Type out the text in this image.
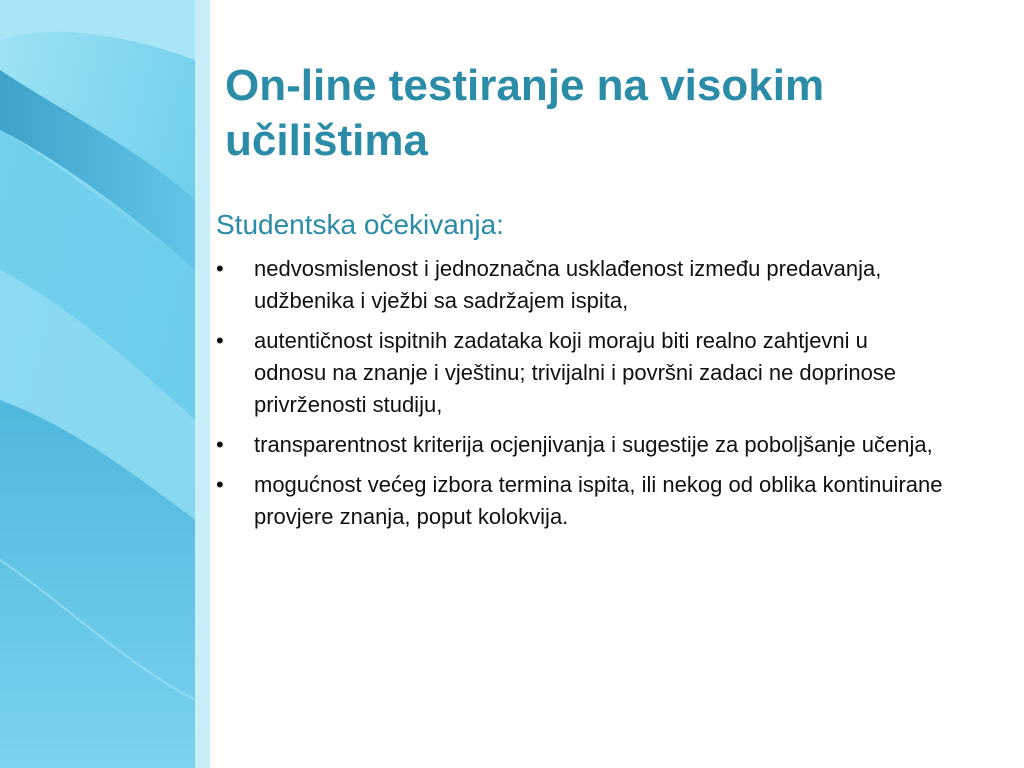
On-line testiranje na visokim
učilištima

Studentska očekivanja:

• nedvosmislenost i jednoznačna usklađenost između predavanja, udžbenika i vježbi sa sadržajem ispita,
• autentičnost ispitnih zadataka koji moraju biti realno zahtjevni u odnosu na znanje i vještinu; trivijalni i površni zadaci ne doprinose privrženosti studiju,
• transparentnost kriterija ocjenjivanja i sugestije za poboljšanje učenja,
• mogućnost većeg izbora termina ispita, ili nekog od oblika kontinuirane provjere znanja, poput kolokvija.
